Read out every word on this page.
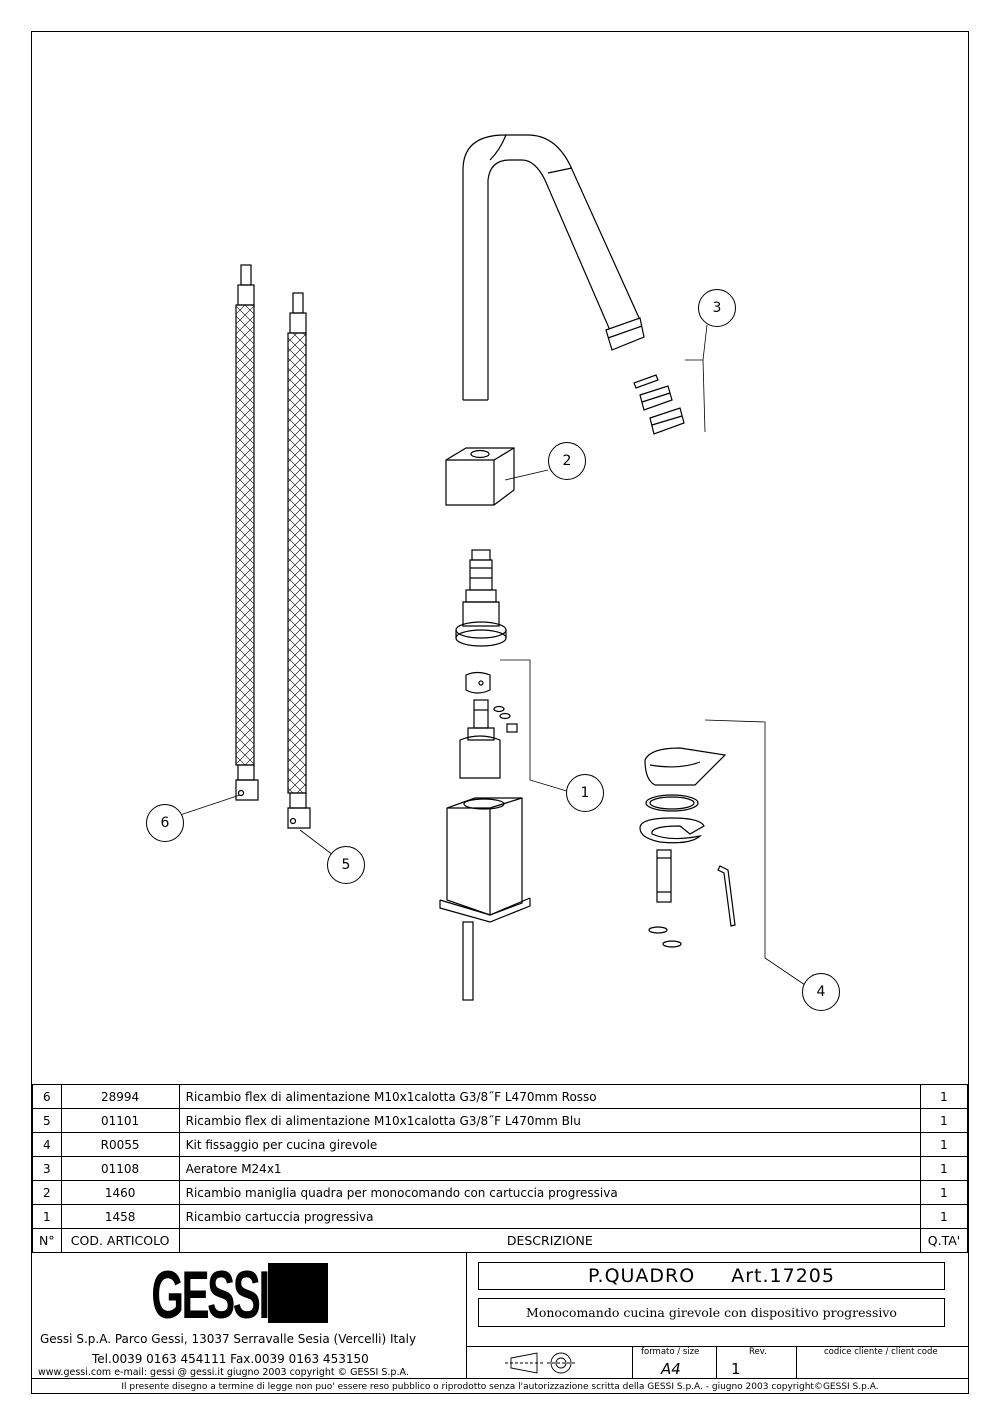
1
2
3
4
5
6
6	28994	Ricambio flex di alimentazione M10x1calotta G3/8˝F L470mm Rosso	1
5	01101	Ricambio flex di alimentazione M10x1calotta G3/8˝F L470mm Blu	1
4	R0055	Kit fissaggio per cucina girevole	1
3	01108	Aeratore M24x1	1
2	1460	Ricambio maniglia quadra per monocomando con cartuccia progressiva	1
1	1458	Ricambio cartuccia progressiva	1
N°	COD. ARTICOLO	DESCRIZIONE	Q.TA'
GESSI
Gessi S.p.A. Parco Gessi, 13037 Serravalle Sesia (Vercelli) Italy
Tel.0039 0163 454111 Fax.0039 0163 453150
www.gessi.com e-mail: gessi @ gessi.it giugno 2003 copyright © GESSI S.p.A.
P.QUADRO Art.17205
Monocomando cucina girevole con dispositivo progressivo
formato / size
A4
Rev.
1
codice cliente / client code
Il presente disegno a termine di legge non puo' essere reso pubblico o riprodotto senza l'autorizzazione scritta della GESSI S.p.A. - giugno 2003 copyright©GESSI S.p.A.
